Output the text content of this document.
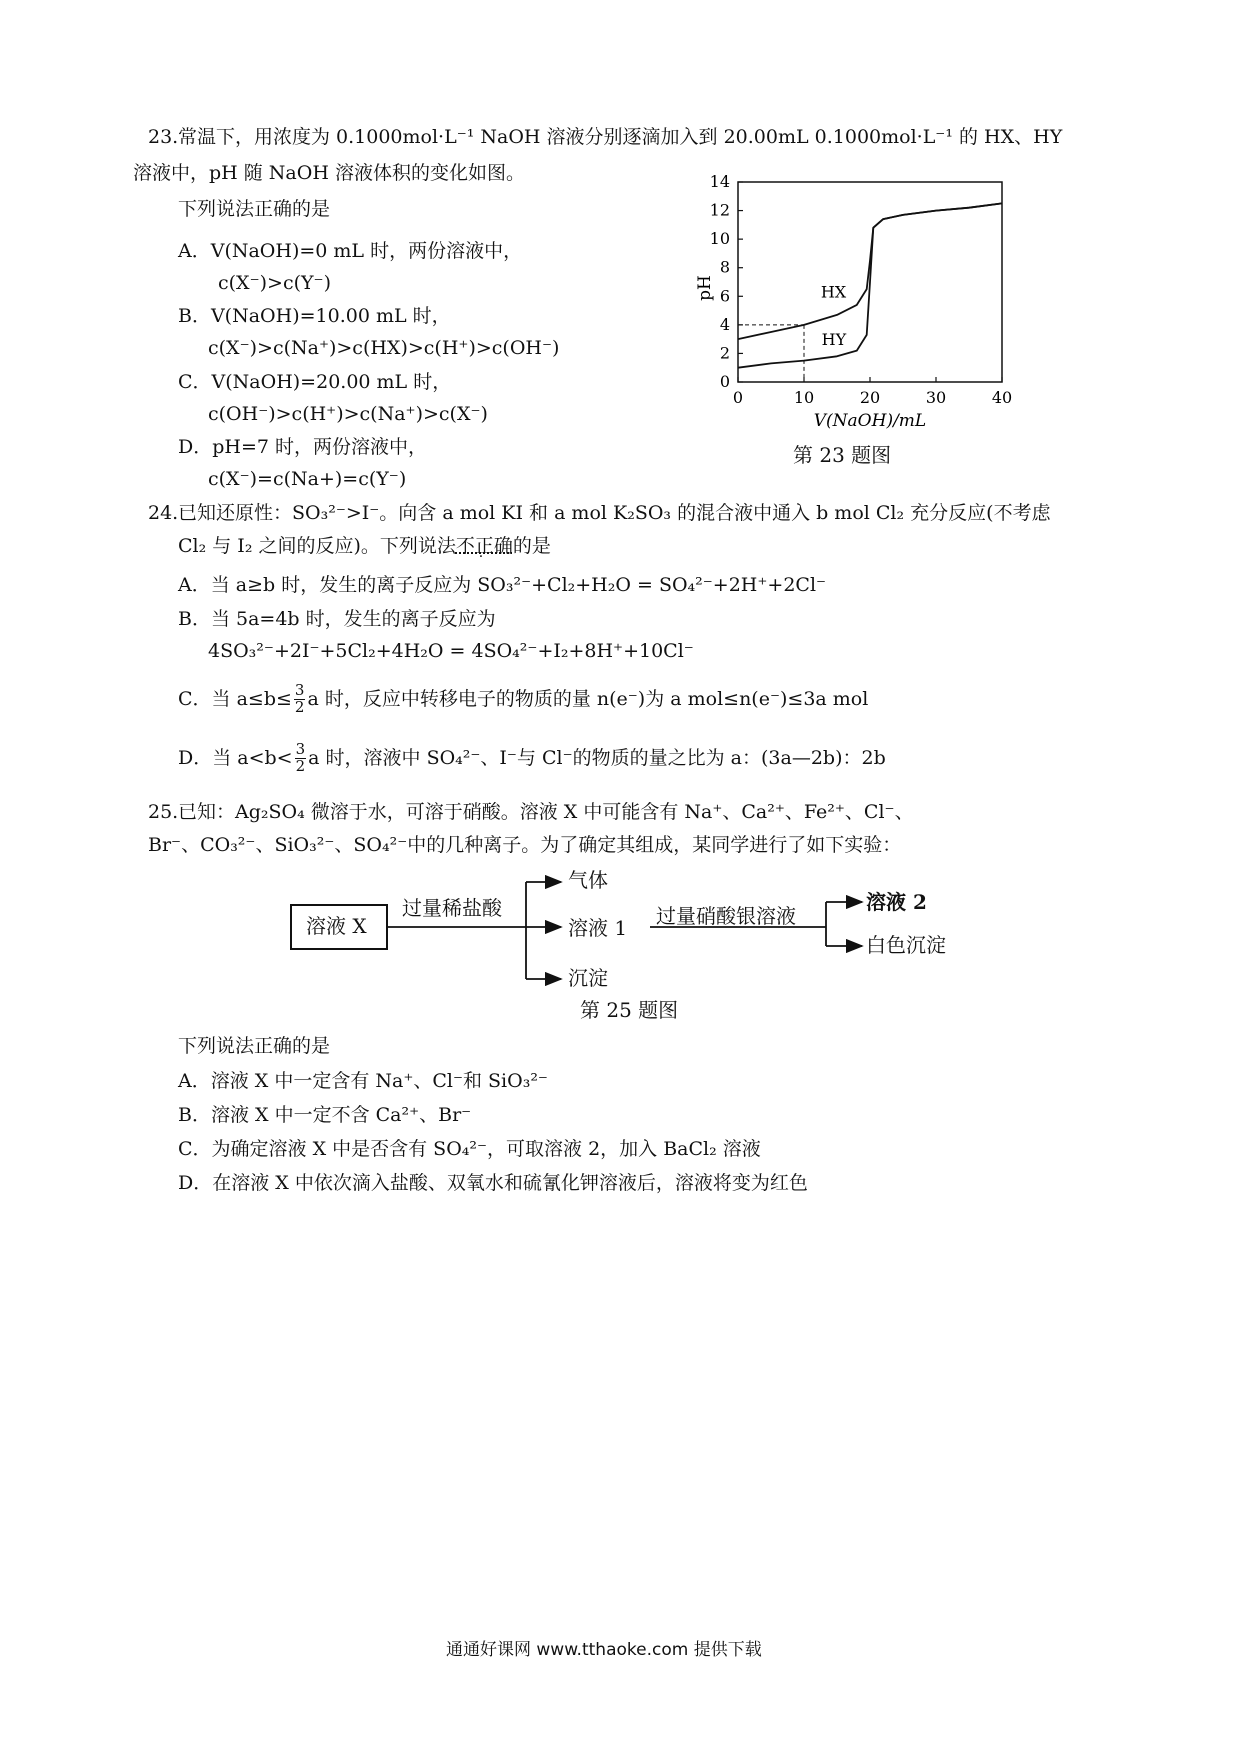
23. 常温下，用浓度为 0.1000mol·L⁻¹ NaOH 溶液分别逐滴加入到 20.00mL 0.1000mol·L⁻¹ 的 HX、HY
溶液中，pH 随 NaOH 溶液体积的变化如图。
下列说法正确的是
A．V(NaOH)=0 mL 时，两份溶液中，
c(X⁻)>c(Y⁻)
B．V(NaOH)=10.00 mL 时，
c(X⁻)>c(Na⁺)>c(HX)>c(H⁺)>c(OH⁻)
C．V(NaOH)=20.00 mL 时，
c(OH⁻)>c(H⁺)>c(Na⁺)>c(X⁻)
D．pH=7 时，两份溶液中，
c(X⁻)=c(Na+)=c(Y⁻)
0	10	20	30	40
0
2
4
6
8
10
12
14
HX
HY
V(NaOH)/mL
pH
第 23 题图
24. 已知还原性：SO₃²⁻>I⁻。向含 a mol KI 和 a mol K₂SO₃ 的混合液中通入 b mol Cl₂ 充分反应(不考虑
Cl₂ 与 I₂ 之间的反应)。下列说法不正确的是
A．当 a≥b 时，发生的离子反应为 SO₃²⁻+Cl₂+H₂O = SO₄²⁻+2H⁺+2Cl⁻
B．当 5a=4b 时，发生的离子反应为
4SO₃²⁻+2I⁻+5Cl₂+4H₂O = 4SO₄²⁻+I₂+8H⁺+10Cl⁻
C．当 $a\le b\le \frac{3}{2}$ a 时，反应中转移电子的物质的量 n(e⁻)为 a mol≤n(e⁻)≤3a mol
D．当 $a<b< \frac{3}{2}$ a 时，溶液中 SO₄²⁻、I⁻与 Cl⁻的物质的量之比为 a：(3a—2b)：2b
25. 已知：Ag₂SO₄ 微溶于水，可溶于硝酸。溶液 X 中可能含有 Na⁺、Ca²⁺、Fe²⁺、Cl⁻、
Br⁻、CO₃²⁻、SiO₃²⁻、SO₄²⁻中的几种离子。为了确定其组成，某同学进行了如下实验：
溶液 X
过量稀盐酸
气体
溶液 1
沉淀
过量硝酸银溶液
溶液 2
白色沉淀
第 25 题图
下列说法正确的是
A．溶液 X 中一定含有 Na⁺、Cl⁻和 SiO₃²⁻
B．溶液 X 中一定不含 Ca²⁺、Br⁻
C．为确定溶液 X 中是否含有 SO₄²⁻，可取溶液 2，加入 BaCl₂ 溶液
D．在溶液 X 中依次滴入盐酸、双氧水和硫氰化钾溶液后，溶液将变为红色
通通好课网 www.tthaoke.com 提供下载
